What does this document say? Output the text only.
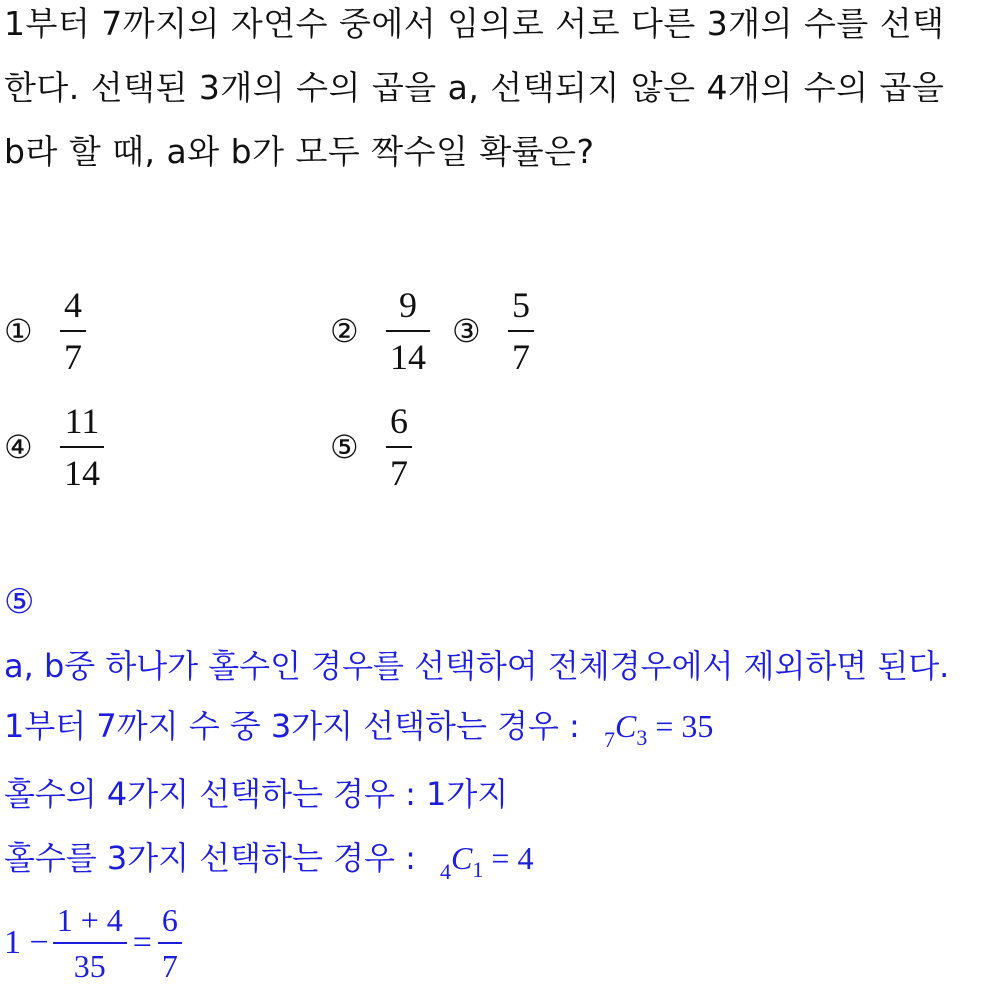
1부터 7까지의 자연수 중에서 임의로 서로 다른 3개의 수를 선택
한다. 선택된 3개의 수의 곱을 a, 선택되지 않은 4개의 수의 곱을
b라 할 때, a와 b가 모두 짝수일 확률은?
① $\frac{4}{7}$	② $\frac{9}{14}$ ③ $\frac{5}{7}$
④ $\frac{11}{14}$	⑤ $\frac{6}{7}$
⑤
a, b중 하나가 홀수인 경우를 선택하여 전체경우에서 제외하면 된다.
1부터 7까지 수 중 3가지 선택하는 경우 : $_7C_3 = 35$
홀수의 4가지 선택하는 경우 : 1가지
홀수를 3가지 선택하는 경우 : $_4C_1 = 4$
$1 - \frac{1 + 4}{35} = \frac{6}{7}$
